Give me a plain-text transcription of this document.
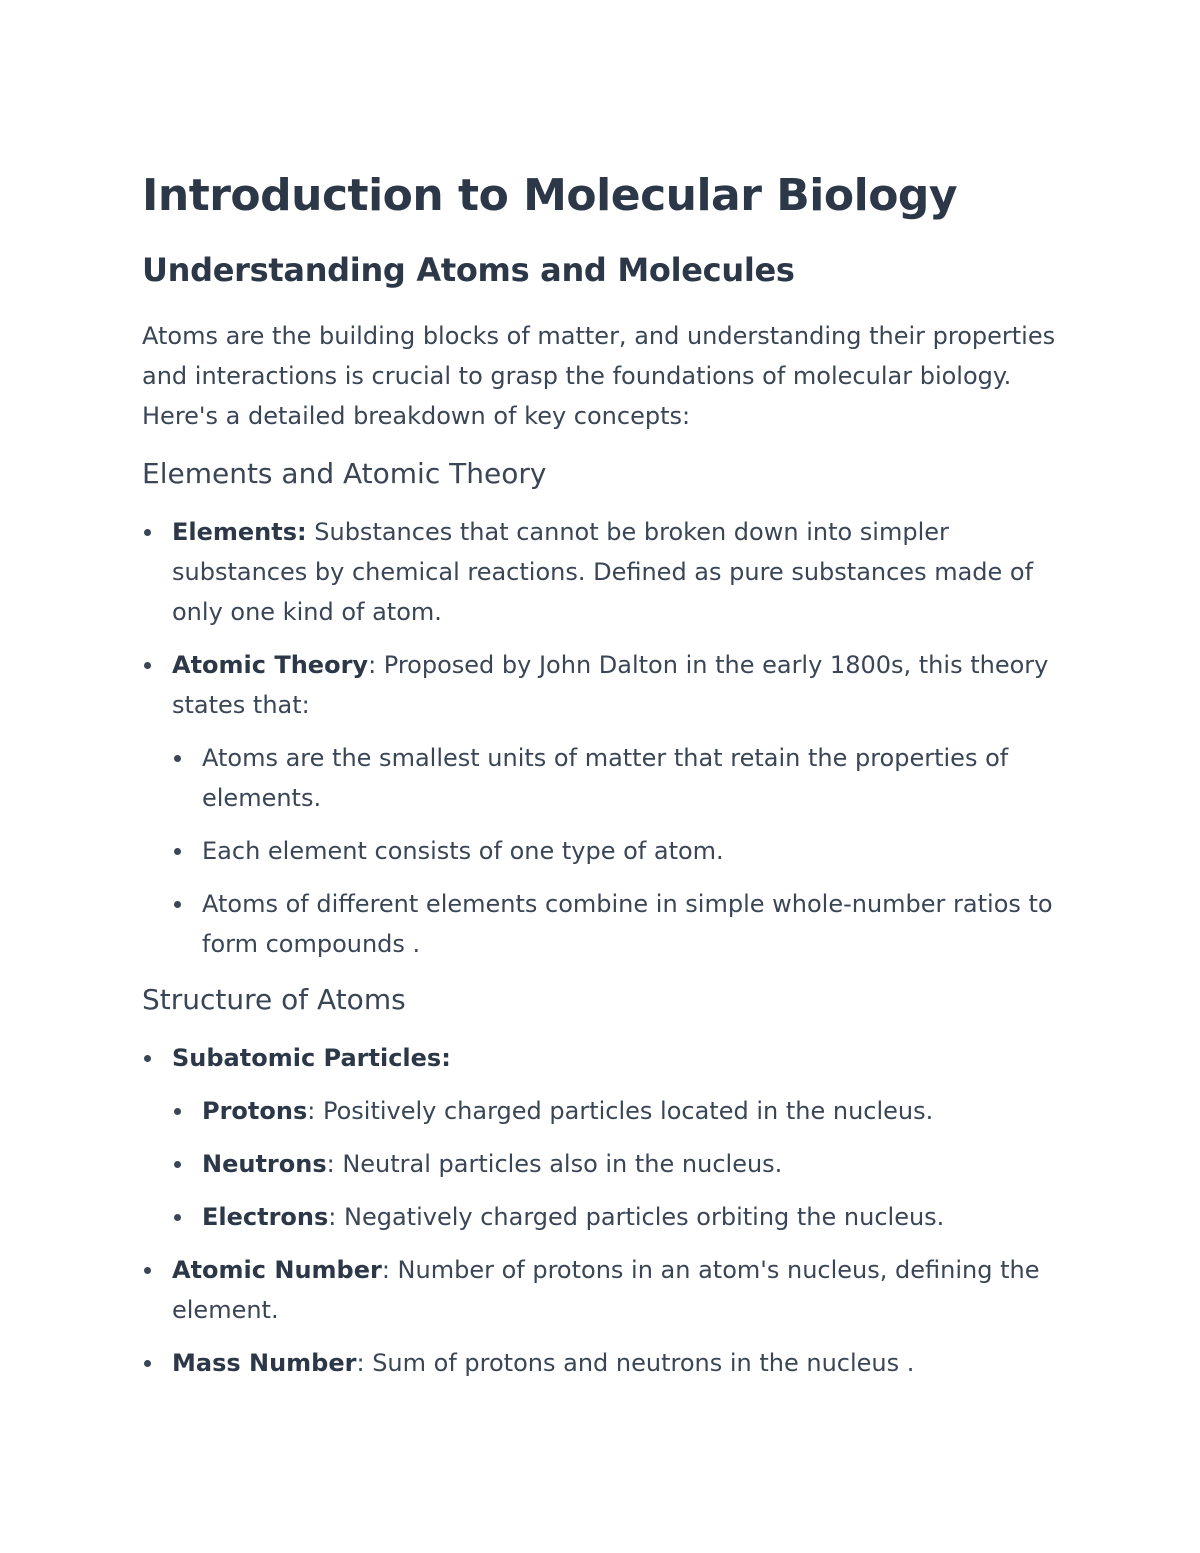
Introduction to Molecular Biology
Understanding Atoms and Molecules

Atoms are the building blocks of matter, and understanding their properties and interactions is crucial to grasp the foundations of molecular biology. Here's a detailed breakdown of key concepts:

Elements and Atomic Theory
Elements: Substances that cannot be broken down into simpler substances by chemical reactions. Defined as pure substances made of only one kind of atom.
Atomic Theory: Proposed by John Dalton in the early 1800s, this theory states that:
Atoms are the smallest units of matter that retain the properties of elements.
Each element consists of one type of atom.
Atoms of different elements combine in simple whole-number ratios to form compounds .
Structure of Atoms
Subatomic Particles:
Protons: Positively charged particles located in the nucleus.
Neutrons: Neutral particles also in the nucleus.
Electrons: Negatively charged particles orbiting the nucleus.
Atomic Number: Number of protons in an atom's nucleus, defining the element.
Mass Number: Sum of protons and neutrons in the nucleus .
